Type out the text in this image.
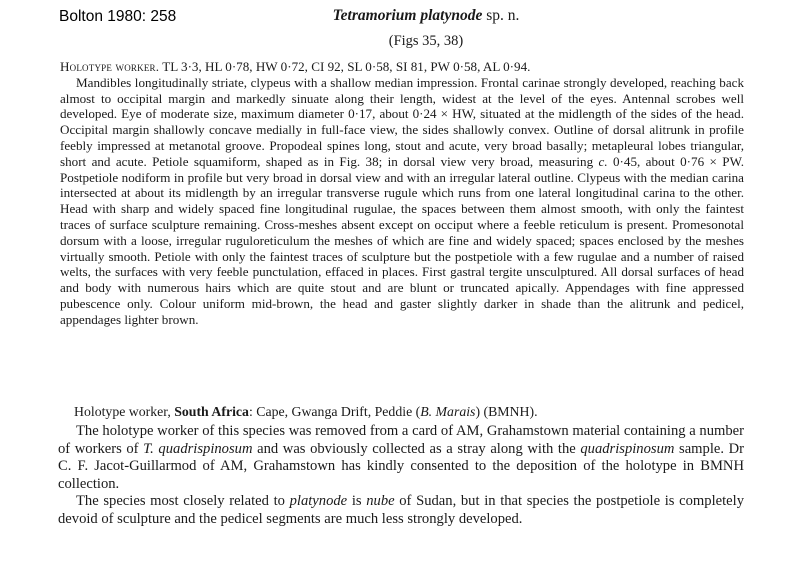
Bolton 1980: 258	Tetramorium platynode sp. n.
(Figs 35, 38)

Holotype worker. TL 3·3, HL 0·78, HW 0·72, CI 92, SL 0·58, SI 81, PW 0·58, AL 0·94.

Mandibles longitudinally striate, clypeus with a shallow median impression. Frontal carinae strongly developed, reaching back almost to occipital margin and markedly sinuate along their length, widest at the level of the eyes. Antennal scrobes well developed. Eye of moderate size, maximum diameter 0·17, about 0·24 × HW, situated at the midlength of the sides of the head. Occipital margin shallowly concave medially in full-face view, the sides shallowly convex. Outline of dorsal alitrunk in profile feebly impressed at metanotal groove. Propodeal spines long, stout and acute, very broad basally; metapleural lobes triangular, short and acute. Petiole squamiform, shaped as in Fig. 38; in dorsal view very broad, measuring c. 0·45, about 0·76 × PW. Postpetiole nodiform in profile but very broad in dorsal view and with an irregular lateral outline. Clypeus with the median carina intersected at about its midlength by an irregular transverse rugule which runs from one lateral longitudinal carina to the other. Head with sharp and widely spaced fine longitudinal rugulae, the spaces between them almost smooth, with only the faintest traces of surface sculpture remaining. Cross-meshes absent except on occiput where a feeble reticulum is present. Promesonotal dorsum with a loose, irregular ruguloreticulum the meshes of which are fine and widely spaced; spaces enclosed by the meshes virtually smooth. Petiole with only the faintest traces of sculpture but the postpetiole with a few rugulae and a number of raised welts, the surfaces with very feeble punctulation, effaced in places. First gastral tergite unsculptured. All dorsal surfaces of head and body with numerous hairs which are quite stout and are blunt or truncated apically. Appendages with fine appressed pubescence only. Colour uniform mid-brown, the head and gaster slightly darker in shade than the alitrunk and pedicel, appendages lighter brown.

Holotype worker, South Africa: Cape, Gwanga Drift, Peddie (B. Marais) (BMNH).

The holotype worker of this species was removed from a card of AM, Grahamstown material containing a number of workers of T. quadrispinosum and was obviously collected as a stray along with the quadrispinosum sample. Dr C. F. Jacot-Guillarmod of AM, Grahamstown has kindly consented to the deposition of the holotype in BMNH collection.
The species most closely related to platynode is nube of Sudan, but in that species the postpetiole is completely devoid of sculpture and the pedicel segments are much less strongly developed.
